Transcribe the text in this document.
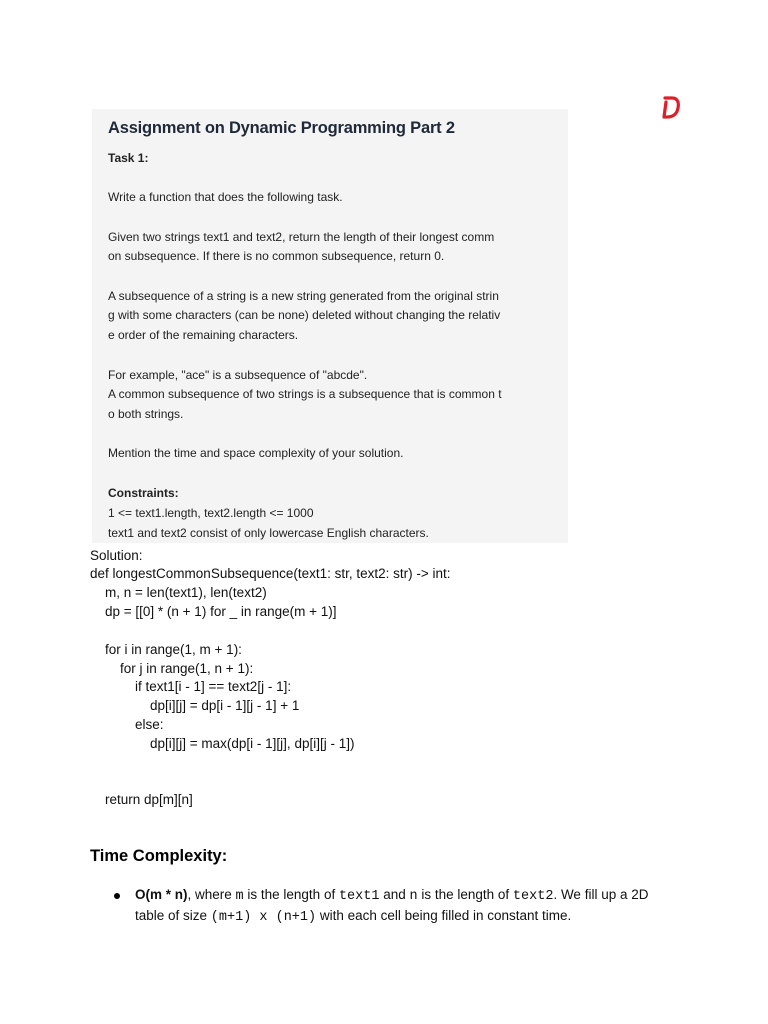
Assignment on Dynamic Programming Part 2
Task 1:
Write a function that does the following task.
Given two strings text1 and text2, return the length of their longest comm
on subsequence. If there is no common subsequence, return 0.
A subsequence of a string is a new string generated from the original strin
g with some characters (can be none) deleted without changing the relativ
e order of the remaining characters.
For example, "ace" is a subsequence of "abcde".
A common subsequence of two strings is a subsequence that is common t
o both strings.
Mention the time and space complexity of your solution.
Constraints:
1 <= text1.length, text2.length <= 1000
text1 and text2 consist of only lowercase English characters.
Solution:
def longestCommonSubsequence(text1: str, text2: str) -> int:
m, n = len(text1), len(text2)
dp = [[0] * (n + 1) for _ in range(m + 1)]
for i in range(1, m + 1):
for j in range(1, n + 1):
if text1[i - 1] == text2[j - 1]:
dp[i][j] = dp[i - 1][j - 1] + 1
else:
dp[i][j] = max(dp[i - 1][j], dp[i][j - 1])
return dp[m][n]
Time Complexity:
O(m * n), where m is the length of text1 and n is the length of text2. We fill up a 2D
table of size (m+1) x (n+1) with each cell being filled in constant time.
